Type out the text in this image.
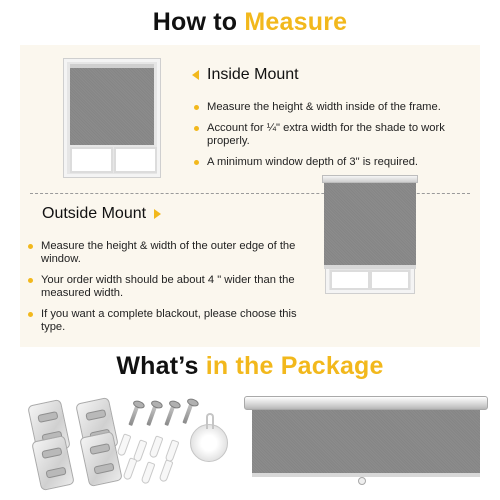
How to Measure
Inside Mount
Measure the height & width inside of the frame.
Account for ¼" extra width for the shade to work properly.
A minimum window depth of 3" is required.
Outside Mount
Measure the height & width of the outer edge of the window.
Your order width should be about 4 " wider than the measured width.
If you want a complete blackout, please choose this type.
What’s in the Package
